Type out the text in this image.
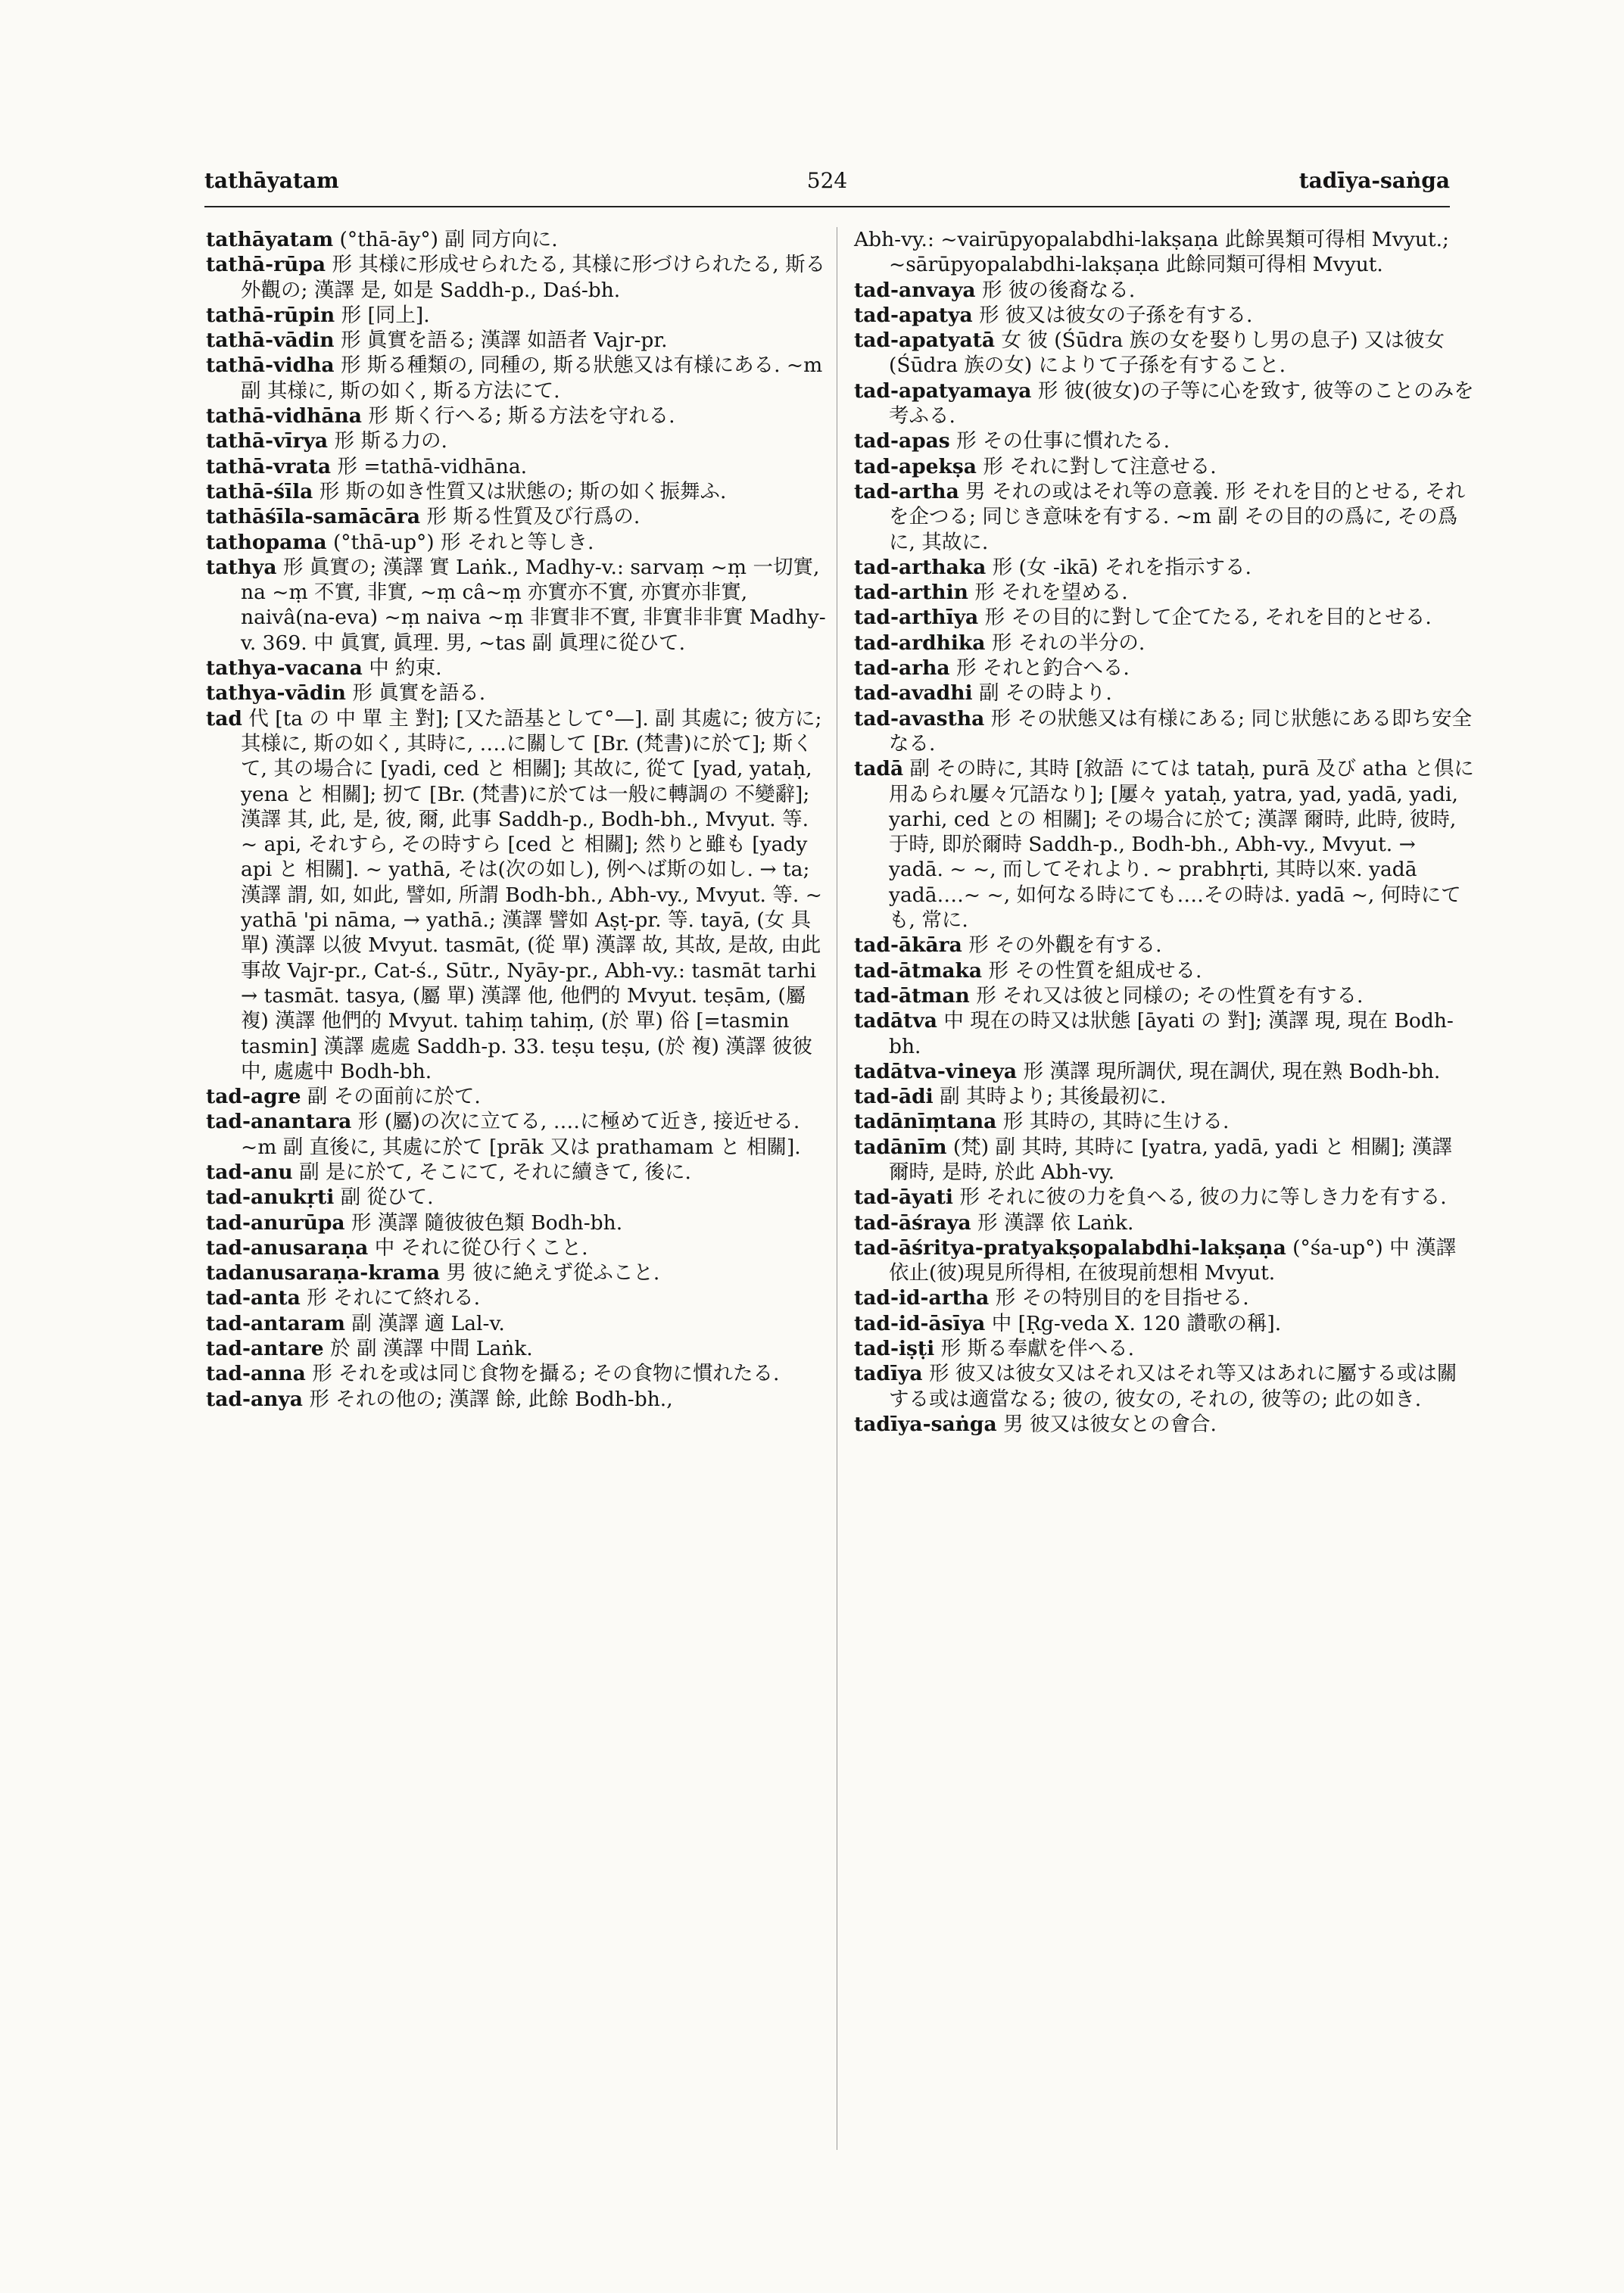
tathāyatam	524	tadīya-saṅga

tathāyatam (°thā-āy°) 副 同方向に.

tathā-rūpa 形 其様に形成せられたる, 其様に形づけられたる, 斯る外觀の; 漢譯 是, 如是 Saddh-p., Daś-bh.

tathā-rūpin 形 [同上].

tathā-vādin 形 眞實を語る; 漢譯 如語者 Vajr-pr.

tathā-vidha 形 斯る種類の, 同種の, 斯る狀態又は有様にある. ~m 副 其様に, 斯の如く, 斯る方法にて.

tathā-vidhāna 形 斯く行へる; 斯る方法を守れる.

tathā-vīrya 形 斯る力の.

tathā-vrata 形 =tathā-vidhāna.

tathā-śīla 形 斯の如き性質又は狀態の; 斯の如く振舞ふ.

tathāśīla-samācāra 形 斯る性質及び行爲の.

tathopama (°thā-up°) 形 それと等しき.

tathya 形 眞實の; 漢譯 實 Laṅk., Madhy-v.: sarvaṃ ~ṃ 一切實, na ~ṃ 不實, 非實, ~ṃ câ~ṃ 亦實亦不實, 亦實亦非實, naivâ(na-eva) ~ṃ naiva ~ṃ 非實非不實, 非實非非實 Madhy-v. 369. 中 眞實, 眞理. 男, ~tas 副 眞理に從ひて.

tathya-vacana 中 約束.

tathya-vādin 形 眞實を語る.

tad 代 [ta の 中 單 主 對]; [又た語基として°—]. 副 其處に; 彼方に; 其様に, 斯の如く, 其時に, ‥‥に關して [Br. (梵書)に於て]; 斯くて, 其の場合に [yadi, ced と 相關]; 其故に, 從て [yad, yataḥ, yena と 相關]; 扨て [Br. (梵書)に於ては一般に轉調の 不變辭]; 漢譯 其, 此, 是, 彼, 爾, 此事 Saddh-p., Bodh-bh., Mvyut. 等. ~ api, それすら, その時すら [ced と 相關]; 然りと雖も [yady api と 相關]. ~ yathā, そは(次の如し), 例へば斯の如し. → ta; 漢譯 謂, 如, 如此, 譬如, 所謂 Bodh-bh., Abh-vy., Mvyut. 等. ~ yathā 'pi nāma, → yathā.; 漢譯 譬如 Aṣṭ-pr. 等. tayā, (女 具 單) 漢譯 以彼 Mvyut. tasmāt, (從 單) 漢譯 故, 其故, 是故, 由此事故 Vajr-pr., Cat-ś., Sūtr., Nyāy-pr., Abh-vy.: tasmāt tarhi → tasmāt. tasya, (屬 單) 漢譯 他, 他們的 Mvyut. teṣām, (屬 複) 漢譯 他們的 Mvyut. tahiṃ tahiṃ, (於 單) 俗 [=tasmin tasmin] 漢譯 處處 Saddh-p. 33. teṣu teṣu, (於 複) 漢譯 彼彼中, 處處中 Bodh-bh.

tad-agre 副 その面前に於て.

tad-anantara 形 (屬)の次に立てる, ‥‥に極めて近き, 接近せる. ~m 副 直後に, 其處に於て [prāk 又は prathamam と 相關].

tad-anu 副 是に於て, そこにて, それに續きて, 後に.

tad-anukṛti 副 從ひて.

tad-anurūpa 形 漢譯 隨彼彼色類 Bodh-bh.

tad-anusaraṇa 中 それに從ひ行くこと.

tadanusaraṇa-krama 男 彼に絶えず從ふこと.

tad-anta 形 それにて終れる.

tad-antaram 副 漢譯 適 Lal-v.

tad-antare 於 副 漢譯 中間 Laṅk.

tad-anna 形 それを或は同じ食物を攝る; その食物に慣れたる.

tad-anya 形 それの他の; 漢譯 餘, 此餘 Bodh-bh.,

Abh-vy.: ~vairūpyopalabdhi-lakṣaṇa 此餘異類可得相 Mvyut.; ~sārūpyopalabdhi-lakṣaṇa 此餘同類可得相 Mvyut.

tad-anvaya 形 彼の後裔なる.

tad-apatya 形 彼又は彼女の子孫を有する.

tad-apatyatā 女 彼 (Śūdra 族の女を娶りし男の息子) 又は彼女 (Śūdra 族の女) によりて子孫を有すること.

tad-apatyamaya 形 彼(彼女)の子等に心を致す, 彼等のことのみを考ふる.

tad-apas 形 その仕事に慣れたる.

tad-apekṣa 形 それに對して注意せる.

tad-artha 男 それの或はそれ等の意義. 形 それを目的とせる, それを企つる; 同じき意味を有する. ~m 副 その目的の爲に, その爲に, 其故に.

tad-arthaka 形 (女 -ikā) それを指示する.

tad-arthin 形 それを望める.

tad-arthīya 形 その目的に對して企てたる, それを目的とせる.

tad-ardhika 形 それの半分の.

tad-arha 形 それと釣合へる.

tad-avadhi 副 その時より.

tad-avastha 形 その狀態又は有様にある; 同じ狀態にある即ち安全なる.

tadā 副 その時に, 其時 [敘語 にては tataḥ, purā 及び atha と倶に用ゐられ屢々冗語なり]; [屢々 yataḥ, yatra, yad, yadā, yadi, yarhi, ced との 相關]; その場合に於て; 漢譯 爾時, 此時, 彼時, 于時, 即於爾時 Saddh-p., Bodh-bh., Abh-vy., Mvyut. → yadā. ~ ~, 而してそれより. ~ prabhṛti, 其時以來. yadā yadā‥‥~ ~, 如何なる時にても‥‥その時は. yadā ~, 何時にても, 常に.

tad-ākāra 形 その外觀を有する.

tad-ātmaka 形 その性質を組成せる.

tad-ātman 形 それ又は彼と同様の; その性質を有する.

tadātva 中 現在の時又は狀態 [āyati の 對]; 漢譯 現, 現在 Bodh-bh.

tadātva-vineya 形 漢譯 現所調伏, 現在調伏, 現在熟 Bodh-bh.

tad-ādi 副 其時より; 其後最初に.

tadānīṃtana 形 其時の, 其時に生ける.

tadānīm (梵) 副 其時, 其時に [yatra, yadā, yadi と 相關]; 漢譯 爾時, 是時, 於此 Abh-vy.

tad-āyati 形 それに彼の力を負へる, 彼の力に等しき力を有する.

tad-āśraya 形 漢譯 依 Laṅk.

tad-āśritya-pratyakṣopalabdhi-lakṣaṇa (°śa-up°) 中 漢譯 依止(彼)現見所得相, 在彼現前想相 Mvyut.

tad-id-artha 形 その特別目的を目指せる.

tad-id-āsīya 中 [Ṛg-veda X. 120 讚歌の稱].

tad-iṣṭi 形 斯る奉獻を伴へる.

tadīya 形 彼又は彼女又はそれ又はそれ等又はあれに屬する或は關する或は適當なる; 彼の, 彼女の, それの, 彼等の; 此の如き.

tadīya-saṅga 男 彼又は彼女との會合.
